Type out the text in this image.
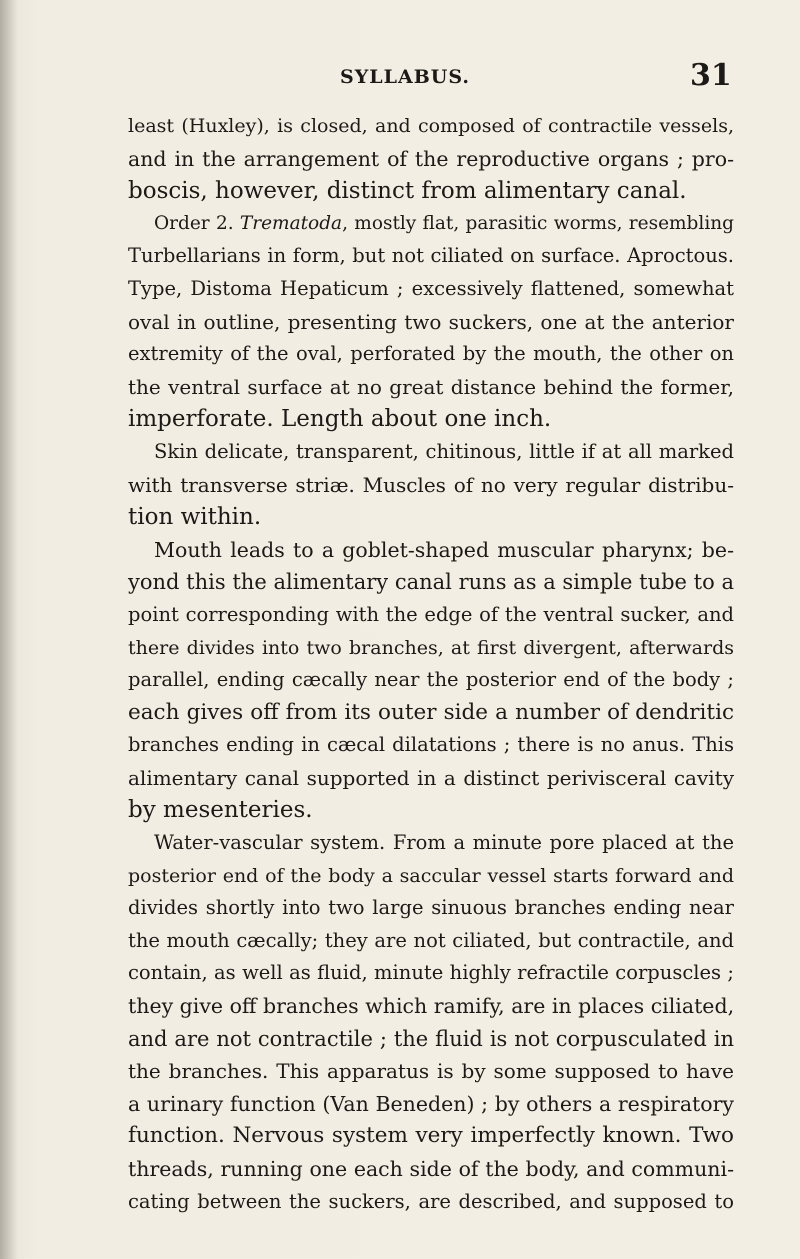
SYLLABUS.	31
least (Huxley), is closed, and composed of contractile vessels,
and in the arrangement of the reproductive organs ; pro-
boscis, however, distinct from alimentary canal.
Order 2. Trematoda, mostly flat, parasitic worms, resembling
Turbellarians in form, but not ciliated on surface. Aproctous.
Type, Distoma Hepaticum ; excessively flattened, somewhat
oval in outline, presenting two suckers, one at the anterior
extremity of the oval, perforated by the mouth, the other on
the ventral surface at no great distance behind the former,
imperforate. Length about one inch.
Skin delicate, transparent, chitinous, little if at all marked
with transverse striæ. Muscles of no very regular distribu-
tion within.
Mouth leads to a goblet-shaped muscular pharynx; be-
yond this the alimentary canal runs as a simple tube to a
point corresponding with the edge of the ventral sucker, and
there divides into two branches, at first divergent, afterwards
parallel, ending cæcally near the posterior end of the body ;
each gives off from its outer side a number of dendritic
branches ending in cæcal dilatations ; there is no anus. This
alimentary canal supported in a distinct perivisceral cavity
by mesenteries.
Water-vascular system. From a minute pore placed at the
posterior end of the body a saccular vessel starts forward and
divides shortly into two large sinuous branches ending near
the mouth cæcally; they are not ciliated, but contractile, and
contain, as well as fluid, minute highly refractile corpuscles ;
they give off branches which ramify, are in places ciliated,
and are not contractile ; the fluid is not corpusculated in
the branches. This apparatus is by some supposed to have
a urinary function (Van Beneden) ; by others a respiratory
function. Nervous system very imperfectly known. Two
threads, running one each side of the body, and communi-
cating between the suckers, are described, and supposed to
